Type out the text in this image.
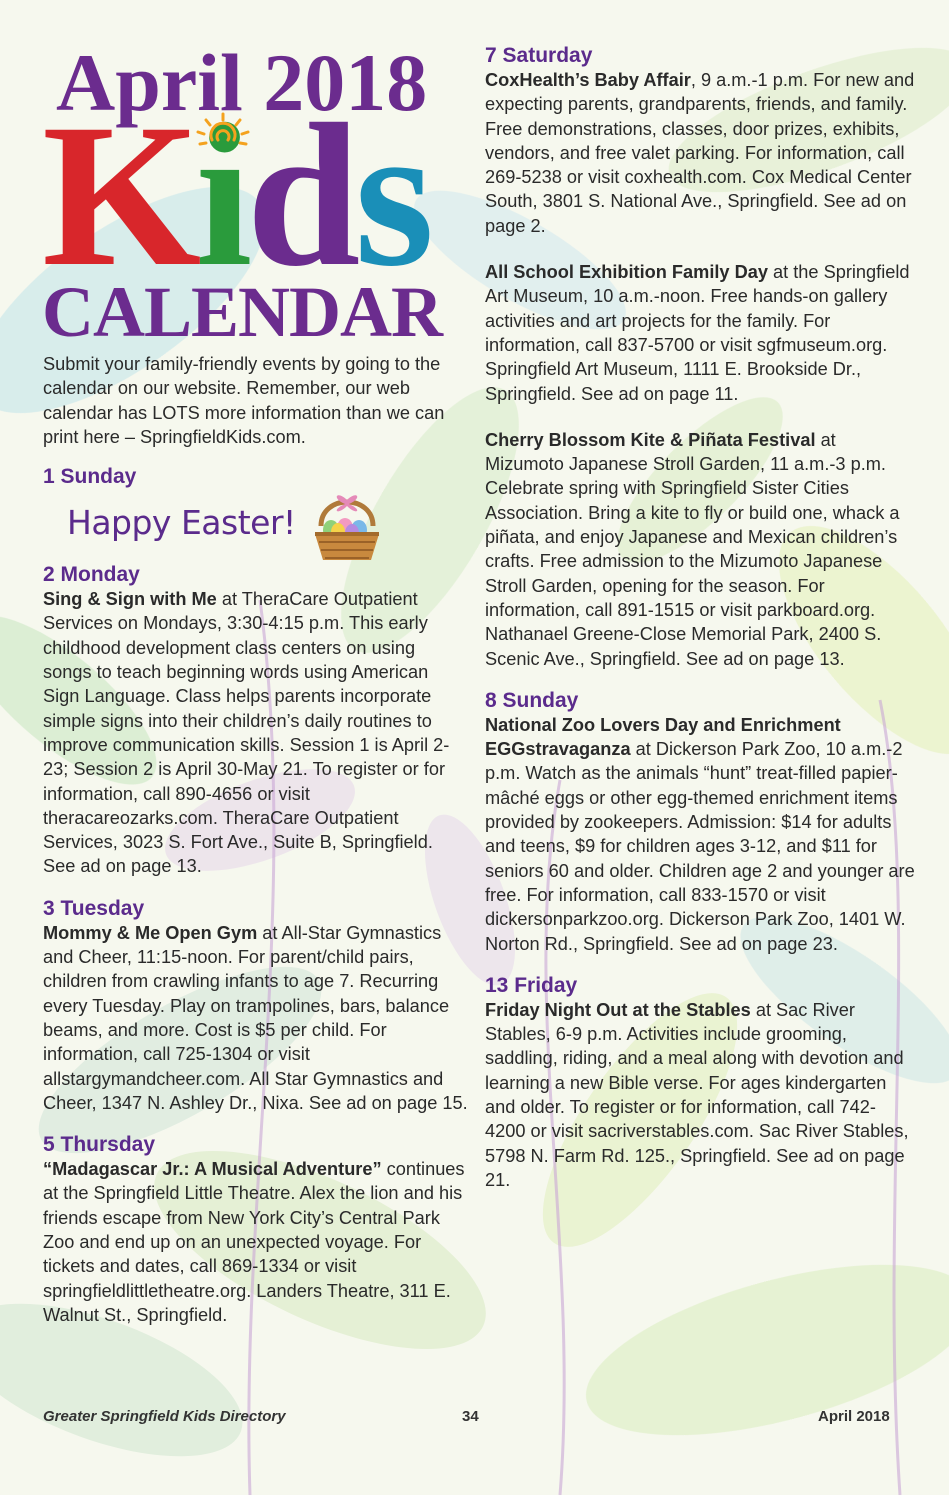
April 2018
Kids
CALENDAR

Submit your family-friendly events by going to the calendar on our website. Remember, our web calendar has LOTS more information than we can print here – SpringfieldKids.com.

1 Sunday

Happy Easter!

2 Monday

Sing & Sign with Me at TheraCare Outpatient Services on Mondays, 3:30-4:15 p.m. This early childhood development class centers on using songs to teach beginning words using American Sign Language. Class helps parents incorporate simple signs into their children’s daily routines to improve communication skills. Session 1 is April 2-23; Session 2 is April 30-May 21. To register or for information, call 890-4656 or visit theracareozarks.com. TheraCare Outpatient Services, 3023 S. Fort Ave., Suite B, Springfield. See ad on page 13.

3 Tuesday

Mommy & Me Open Gym at All-Star Gymnastics and Cheer, 11:15-noon. For parent/child pairs, children from crawling infants to age 7. Recurring every Tuesday. Play on trampolines, bars, balance beams, and more. Cost is $5 per child. For information, call 725-1304 or visit allstargymandcheer.com. All Star Gymnastics and Cheer, 1347 N. Ashley Dr., Nixa. See ad on page 15.

5 Thursday

“Madagascar Jr.: A Musical Adventure” continues at the Springfield Little Theatre. Alex the lion and his friends escape from New York City’s Central Park Zoo and end up on an unexpected voyage. For tickets and dates, call 869-1334 or visit springfieldlittletheatre.org. Landers Theatre, 311 E. Walnut St., Springfield.

7 Saturday

CoxHealth’s Baby Affair, 9 a.m.-1 p.m. For new and expecting parents, grandparents, friends, and family. Free demonstrations, classes, door prizes, exhibits, vendors, and free valet parking. For information, call 269-5238 or visit coxhealth.com. Cox Medical Center South, 3801 S. National Ave., Springfield. See ad on page 2.

All School Exhibition Family Day at the Springfield Art Museum, 10 a.m.-noon. Free hands-on gallery activities and art projects for the family. For information, call 837-5700 or visit sgfmuseum.org. Springfield Art Museum, 1111 E. Brookside Dr., Springfield. See ad on page 11.

Cherry Blossom Kite & Piñata Festival at Mizumoto Japanese Stroll Garden, 11 a.m.-3 p.m. Celebrate spring with Springfield Sister Cities Association. Bring a kite to fly or build one, whack a piñata, and enjoy Japanese and Mexican children’s crafts. Free admission to the Mizumoto Japanese Stroll Garden, opening for the season. For information, call 891-1515 or visit parkboard.org. Nathanael Greene-Close Memorial Park, 2400 S. Scenic Ave., Springfield. See ad on page 13.

8 Sunday

National Zoo Lovers Day and Enrichment EGGstravaganza at Dickerson Park Zoo, 10 a.m.-2 p.m. Watch as the animals “hunt” treat-filled papier-mâché eggs or other egg-themed enrichment items provided by zookeepers. Admission: $14 for adults and teens, $9 for children ages 3-12, and $11 for seniors 60 and older. Children age 2 and younger are free. For information, call 833-1570 or visit dickersonparkzoo.org. Dickerson Park Zoo, 1401 W. Norton Rd., Springfield. See ad on page 23.

13 Friday

Friday Night Out at the Stables at Sac River Stables, 6-9 p.m. Activities include grooming, saddling, riding, and a meal along with devotion and learning a new Bible verse. For ages kindergarten and older. To register or for information, call 742-4200 or visit sacriverstables.com. Sac River Stables, 5798 N. Farm Rd. 125., Springfield. See ad on page 21.

Greater Springfield Kids Directory	34	April 2018
